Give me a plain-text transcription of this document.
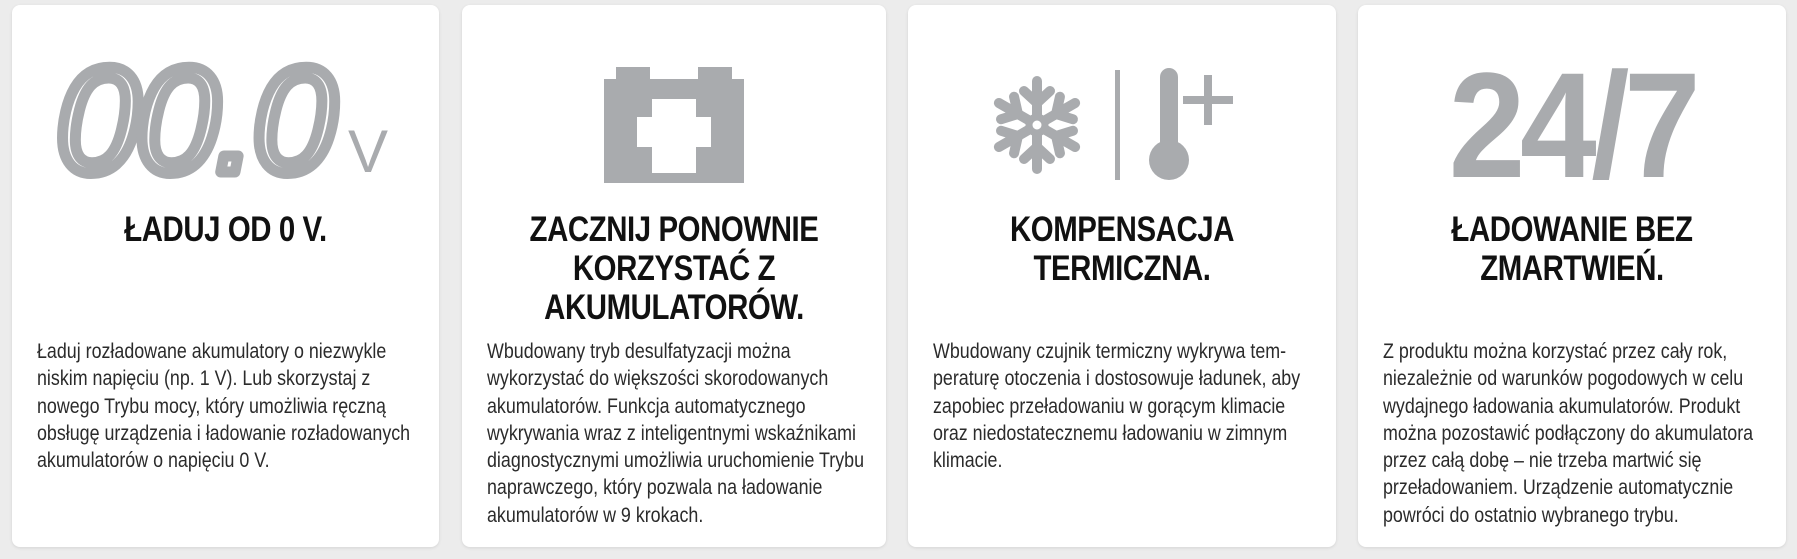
00.0 V
ŁADUJ OD 0 V.
Ładuj rozładowane akumulatory o niezwykle
niskim napięciu (np. 1 V). Lub skorzystaj z
nowego Trybu mocy, który umożliwia ręczną
obsługę urządzenia i ładowanie rozładowanych
akumulatorów o napięciu 0 V.
ZACZNIJ PONOWNIE
KORZYSTAĆ Z
AKUMULATORÓW.
Wbudowany tryb desulfatyzacji można
wykorzystać do większości skorodowanych
akumulatorów. Funkcja automatycznego
wykrywania wraz z inteligentnymi wskaźnikami
diagnostycznymi umożliwia uruchomienie Trybu
naprawczego, który pozwala na ładowanie
akumulatorów w 9 krokach.
KOMPENSACJA
TERMICZNA.
Wbudowany czujnik termiczny wykrywa tem-
peraturę otoczenia i dostosowuje ładunek, aby
zapobiec przeładowaniu w gorącym klimacie
oraz niedostatecznemu ładowaniu w zimnym
klimacie.
24/7
ŁADOWANIE BEZ
ZMARTWIEŃ.
Z produktu można korzystać przez cały rok,
niezależnie od warunków pogodowych w celu
wydajnego ładowania akumulatorów. Produkt
można pozostawić podłączony do akumulatora
przez całą dobę – nie trzeba martwić się
przeładowaniem. Urządzenie automatycznie
powróci do ostatnio wybranego trybu.
